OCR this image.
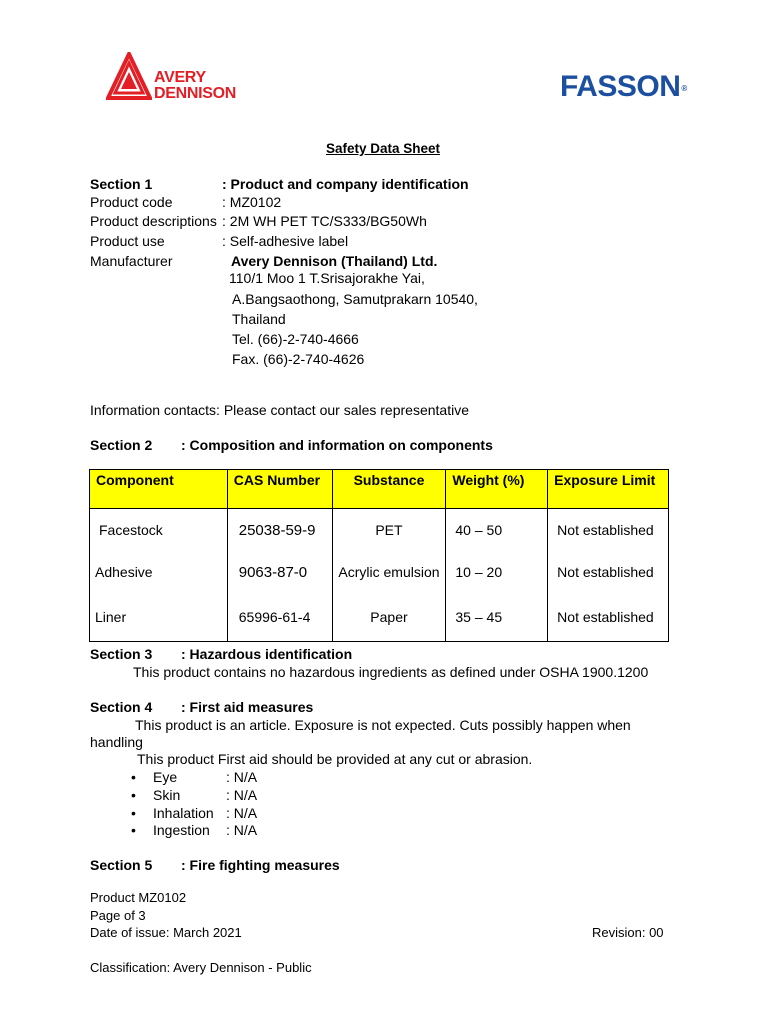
AVERY
DENNISON	FASSON®
Safety Data Sheet
Section 1	: Product and company identification
Product code	: MZ0102
Product descriptions : 2M WH PET TC/S333/BG50Wh
Product use	: Self-adhesive label
Manufacturer	Avery Dennison (Thailand) Ltd.
110/1 Moo 1 T.Srisajorakhe Yai,
A.Bangsaothong, Samutprakarn 10540,
Thailand
Tel. (66)-2-740-4666
Fax. (66)-2-740-4626
Information contacts: Please contact our sales representative
Section 2 : Composition and information on components
Component	CAS Number	Substance	Weight (%)	Exposure Limit
Facestock	25038-59-9	PET	40 – 50	Not established
Adhesive	9063-87-0	Acrylic emulsion	10 – 20	Not established
Liner	65996-61-4	Paper	35 – 45	Not established
Section 3 : Hazardous identification
This product contains no hazardous ingredients as defined under OSHA 1900.1200
Section 4 : First aid measures
This product is an article. Exposure is not expected. Cuts possibly happen when
handling
This product First aid should be provided at any cut or abrasion.
• Eye	: N/A
• Skin	: N/A
• Inhalation : N/A
• Ingestion : N/A
Section 5 : Fire fighting measures
Product MZ0102
Page of 3
Date of issue: March 2021	Revision: 00
Classification: Avery Dennison - Public
